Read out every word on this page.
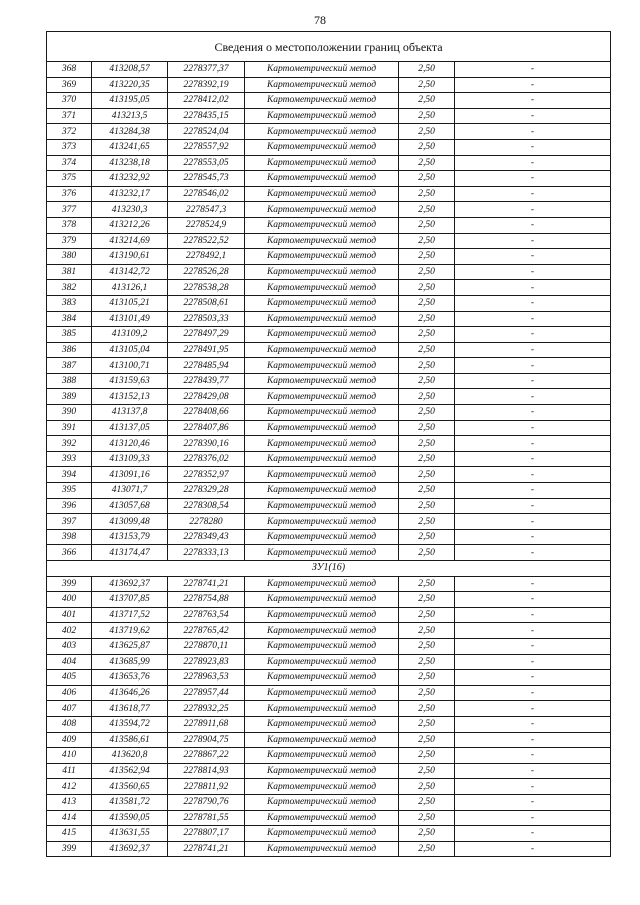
78
Сведения о местоположении границ объекта					
368	413208,57	2278377,37	Картометрический метод	2,50	-
369	413220,35	2278392,19	Картометрический метод	2,50	-
370	413195,05	2278412,02	Картометрический метод	2,50	-
371	413213,5	2278435,15	Картометрический метод	2,50	-
372	413284,38	2278524,04	Картометрический метод	2,50	-
373	413241,65	2278557,92	Картометрический метод	2,50	-
374	413238,18	2278553,05	Картометрический метод	2,50	-
375	413232,92	2278545,73	Картометрический метод	2,50	-
376	413232,17	2278546,02	Картометрический метод	2,50	-
377	413230,3	2278547,3	Картометрический метод	2,50	-
378	413212,26	2278524,9	Картометрический метод	2,50	-
379	413214,69	2278522,52	Картометрический метод	2,50	-
380	413190,61	2278492,1	Картометрический метод	2,50	-
381	413142,72	2278526,28	Картометрический метод	2,50	-
382	413126,1	2278538,28	Картометрический метод	2,50	-
383	413105,21	2278508,61	Картометрический метод	2,50	-
384	413101,49	2278503,33	Картометрический метод	2,50	-
385	413109,2	2278497,29	Картометрический метод	2,50	-
386	413105,04	2278491,95	Картометрический метод	2,50	-
387	413100,71	2278485,94	Картометрический метод	2,50	-
388	413159,63	2278439,77	Картометрический метод	2,50	-
389	413152,13	2278429,08	Картометрический метод	2,50	-
390	413137,8	2278408,66	Картометрический метод	2,50	-
391	413137,05	2278407,86	Картометрический метод	2,50	-
392	413120,46	2278390,16	Картометрический метод	2,50	-
393	413109,33	2278376,02	Картометрический метод	2,50	-
394	413091,16	2278352,97	Картометрический метод	2,50	-
395	413071,7	2278329,28	Картометрический метод	2,50	-
396	413057,68	2278308,54	Картометрический метод	2,50	-
397	413099,48	2278280	Картометрический метод	2,50	-
398	413153,79	2278349,43	Картометрический метод	2,50	-
366	413174,47	2278333,13	Картометрический метод	2,50	-
ЗУ1(16)					
399	413692,37	2278741,21	Картометрический метод	2,50	-
400	413707,85	2278754,88	Картометрический метод	2,50	-
401	413717,52	2278763,54	Картометрический метод	2,50	-
402	413719,62	2278765,42	Картометрический метод	2,50	-
403	413625,87	2278870,11	Картометрический метод	2,50	-
404	413685,99	2278923,83	Картометрический метод	2,50	-
405	413653,76	2278963,53	Картометрический метод	2,50	-
406	413646,26	2278957,44	Картометрический метод	2,50	-
407	413618,77	2278932,25	Картометрический метод	2,50	-
408	413594,72	2278911,68	Картометрический метод	2,50	-
409	413586,61	2278904,75	Картометрический метод	2,50	-
410	413620,8	2278867,22	Картометрический метод	2,50	-
411	413562,94	2278814,93	Картометрический метод	2,50	-
412	413560,65	2278811,92	Картометрический метод	2,50	-
413	413581,72	2278790,76	Картометрический метод	2,50	-
414	413590,05	2278781,55	Картометрический метод	2,50	-
415	413631,55	2278807,17	Картометрический метод	2,50	-
399	413692,37	2278741,21	Картометрический метод	2,50	-
